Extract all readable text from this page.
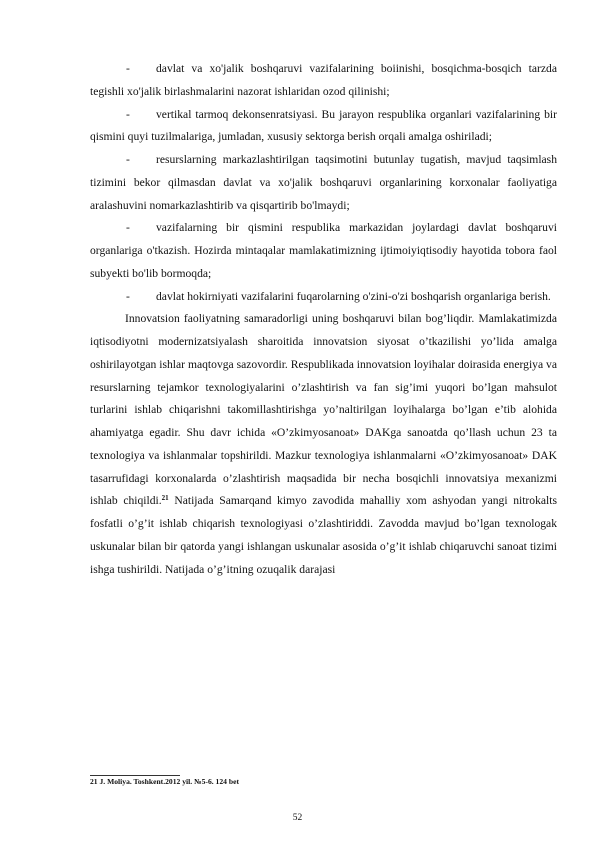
-	davlat va xo'jalik boshqaruvi vazifalarining boiinishi, bosqichma-bosqich tarzda tegishli xo'jalik birlashmalarini nazorat ishlaridan ozod qilinishi;

-	vertikal tarmoq dekonsenratsiyasi. Bu jarayon respublika organlari vazifalarining bir qismini quyi tuzilmalariga, jumladan, xususiy sektorga berish orqali amalga oshiriladi;

-	resurslarning markazlashtirilgan taqsimotini butunlay tugatish, mavjud taqsimlash tizimini bekor qilmasdan davlat va xo'jalik boshqaruvi organlarining korxonalar faoliyatiga aralashuvini nomarkazlashtirib va qisqartirib bo'lmaydi;

-	vazifalarning bir qismini respublika markazidan joylardagi davlat boshqaruvi organlariga o'tkazish. Hozirda mintaqalar mamlakatimizning ijtimoiyiqtisodiy hayotida tobora faol subyekti bo'lib bormoqda;

-	davlat hokirniyati vazifalarini fuqarolarning o'zini-o'zi boshqarish organlariga berish.

Innovatsion faoliyatning samaradorligi uning boshqaruvi bilan bog’liqdir. Mamlakatimizda iqtisodiyotni modernizatsiyalash sharoitida innovatsion siyosat o’tkazilishi yo’lida amalga oshirilayotgan ishlar maqtovga sazovordir. Respublikada innovatsion loyihalar doirasida energiya va resurslarning tejamkor texnologiyalarini o’zlashtirish va fan sig’imi yuqori bo’lgan mahsulot turlarini ishlab chiqarishni takomillashtirishga yo’naltirilgan loyihalarga bo’lgan e’tib alohida ahamiyatga egadir. Shu davr ichida «O’zkimyosanoat» DAKga sanoatda qo’llash uchun 23 ta texnologiya va ishlanmalar topshirildi. Mazkur texnologiya ishlanmalarni «O’zkimyosanoat» DAK tasarrufidagi korxonalarda o’zlashtirish maqsadida bir necha bosqichli innovatsiya mexanizmi ishlab chiqildi.$^{21}$ Natijada Samarqand kimyo zavodida mahalliy xom ashyodan yangi nitrokalts fosfatli o’g’it ishlab chiqarish texnologiyasi o’zlashtiriddi. Zavodda mavjud bo’lgan texnologak uskunalar bilan bir qatorda yangi ishlangan uskunalar asosida o’g’it ishlab chiqaruvchi sanoat tizimi ishga tushirildi. Natijada o’g’itning ozuqalik darajasi

21 J. Moliya. Toshkent.2012 yil. №5-6. 124 bet
52
